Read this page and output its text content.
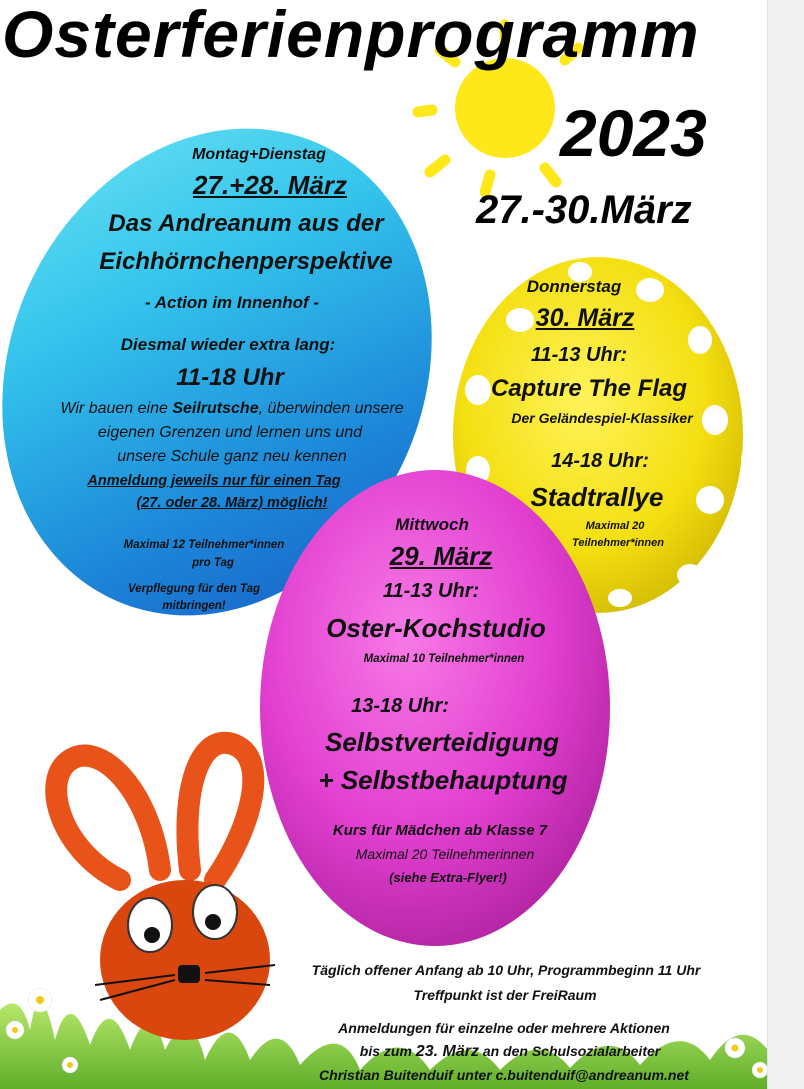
Osterferienprogramm
2023
27.-30.März
Montag+Dienstag
27.+28. März
Das Andreanum aus der
Eichhörnchenperspektive
- Action im Innenhof -
Diesmal wieder extra lang:
11-18 Uhr
Wir bauen eine Seilrutsche, überwinden unsere
eigenen Grenzen und lernen uns und
unsere Schule ganz neu kennen
Anmeldung jeweils nur für einen Tag
(27. oder 28. März) möglich!
Maximal 12 Teilnehmer*innen
pro Tag
Verpflegung für den Tag
mitbringen!
Donnerstag
30. März
11-13 Uhr:
Capture The Flag
Der Geländespiel-Klassiker
14-18 Uhr:
Stadtrallye
Maximal 20
Teilnehmer*innen
Mittwoch
29. März
11-13 Uhr:
Oster-Kochstudio
Maximal 10 Teilnehmer*innen
13-18 Uhr:
Selbstverteidigung
+ Selbstbehauptung
Kurs für Mädchen ab Klasse 7
Maximal 20 Teilnehmerinnen
(siehe Extra-Flyer!)
Täglich offener Anfang ab 10 Uhr, Programmbeginn 11 Uhr
Treffpunkt ist der FreiRaum
Anmeldungen für einzelne oder mehrere Aktionen
bis zum 23. März an den Schulsozialarbeiter
Christian Buitenduif unter c.buitenduif@andreanum.net
